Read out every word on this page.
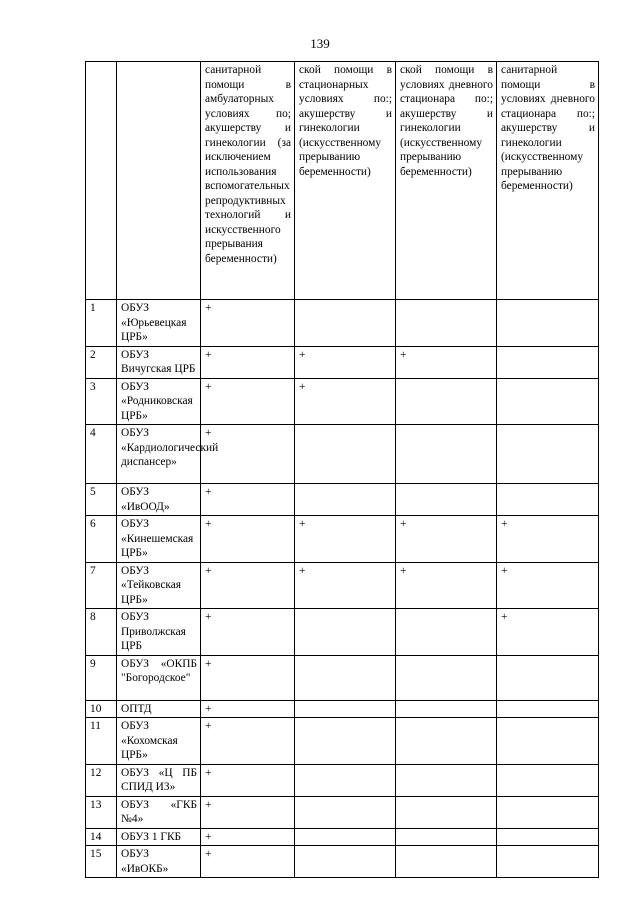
139
		санитарной помощи в амбулаторных условиях по; акушерству и гинекологии (за исключением использования вспомогательных репродуктивных технологий и искусственного прерывания беременности)	ской помощи в стационарных условиях по:; акушерству и гинекологии (искусственному прерыванию беременности)	ской помощи в условиях дневного стационара по:; акушерству и гинекологии (искусственному прерыванию беременности)	санитарной помощи в условиях дневного стационара по:; акушерству и гинекологии (искусственному прерыванию беременности)
1	ОБУЗ «Юрьевецкая ЦРБ»	+			
2	ОБУЗ Вичугская ЦРБ	+	+	+	
3	ОБУЗ «Родниковская ЦРБ»	+	+		
4	ОБУЗ «Кардиологический диспансер»	+			
5	ОБУЗ «ИвООД»	+			
6	ОБУЗ «Кинешемская ЦРБ»	+	+	+	+
7	ОБУЗ «Тейковская ЦРБ»	+	+	+	+
8	ОБУЗ Приволжская ЦРБ	+			+
9	ОБУЗ «ОКПБ "Богородское"	+			
10	ОПТД	+			
11	ОБУЗ «Кохомская ЦРБ»	+			
12	ОБУЗ «Ц ПБ СПИД ИЗ»	+			
13	ОБУЗ «ГКБ №4»	+			
14	ОБУЗ 1 ГКБ	+			
15	ОБУЗ «ИвОКБ»	+			
